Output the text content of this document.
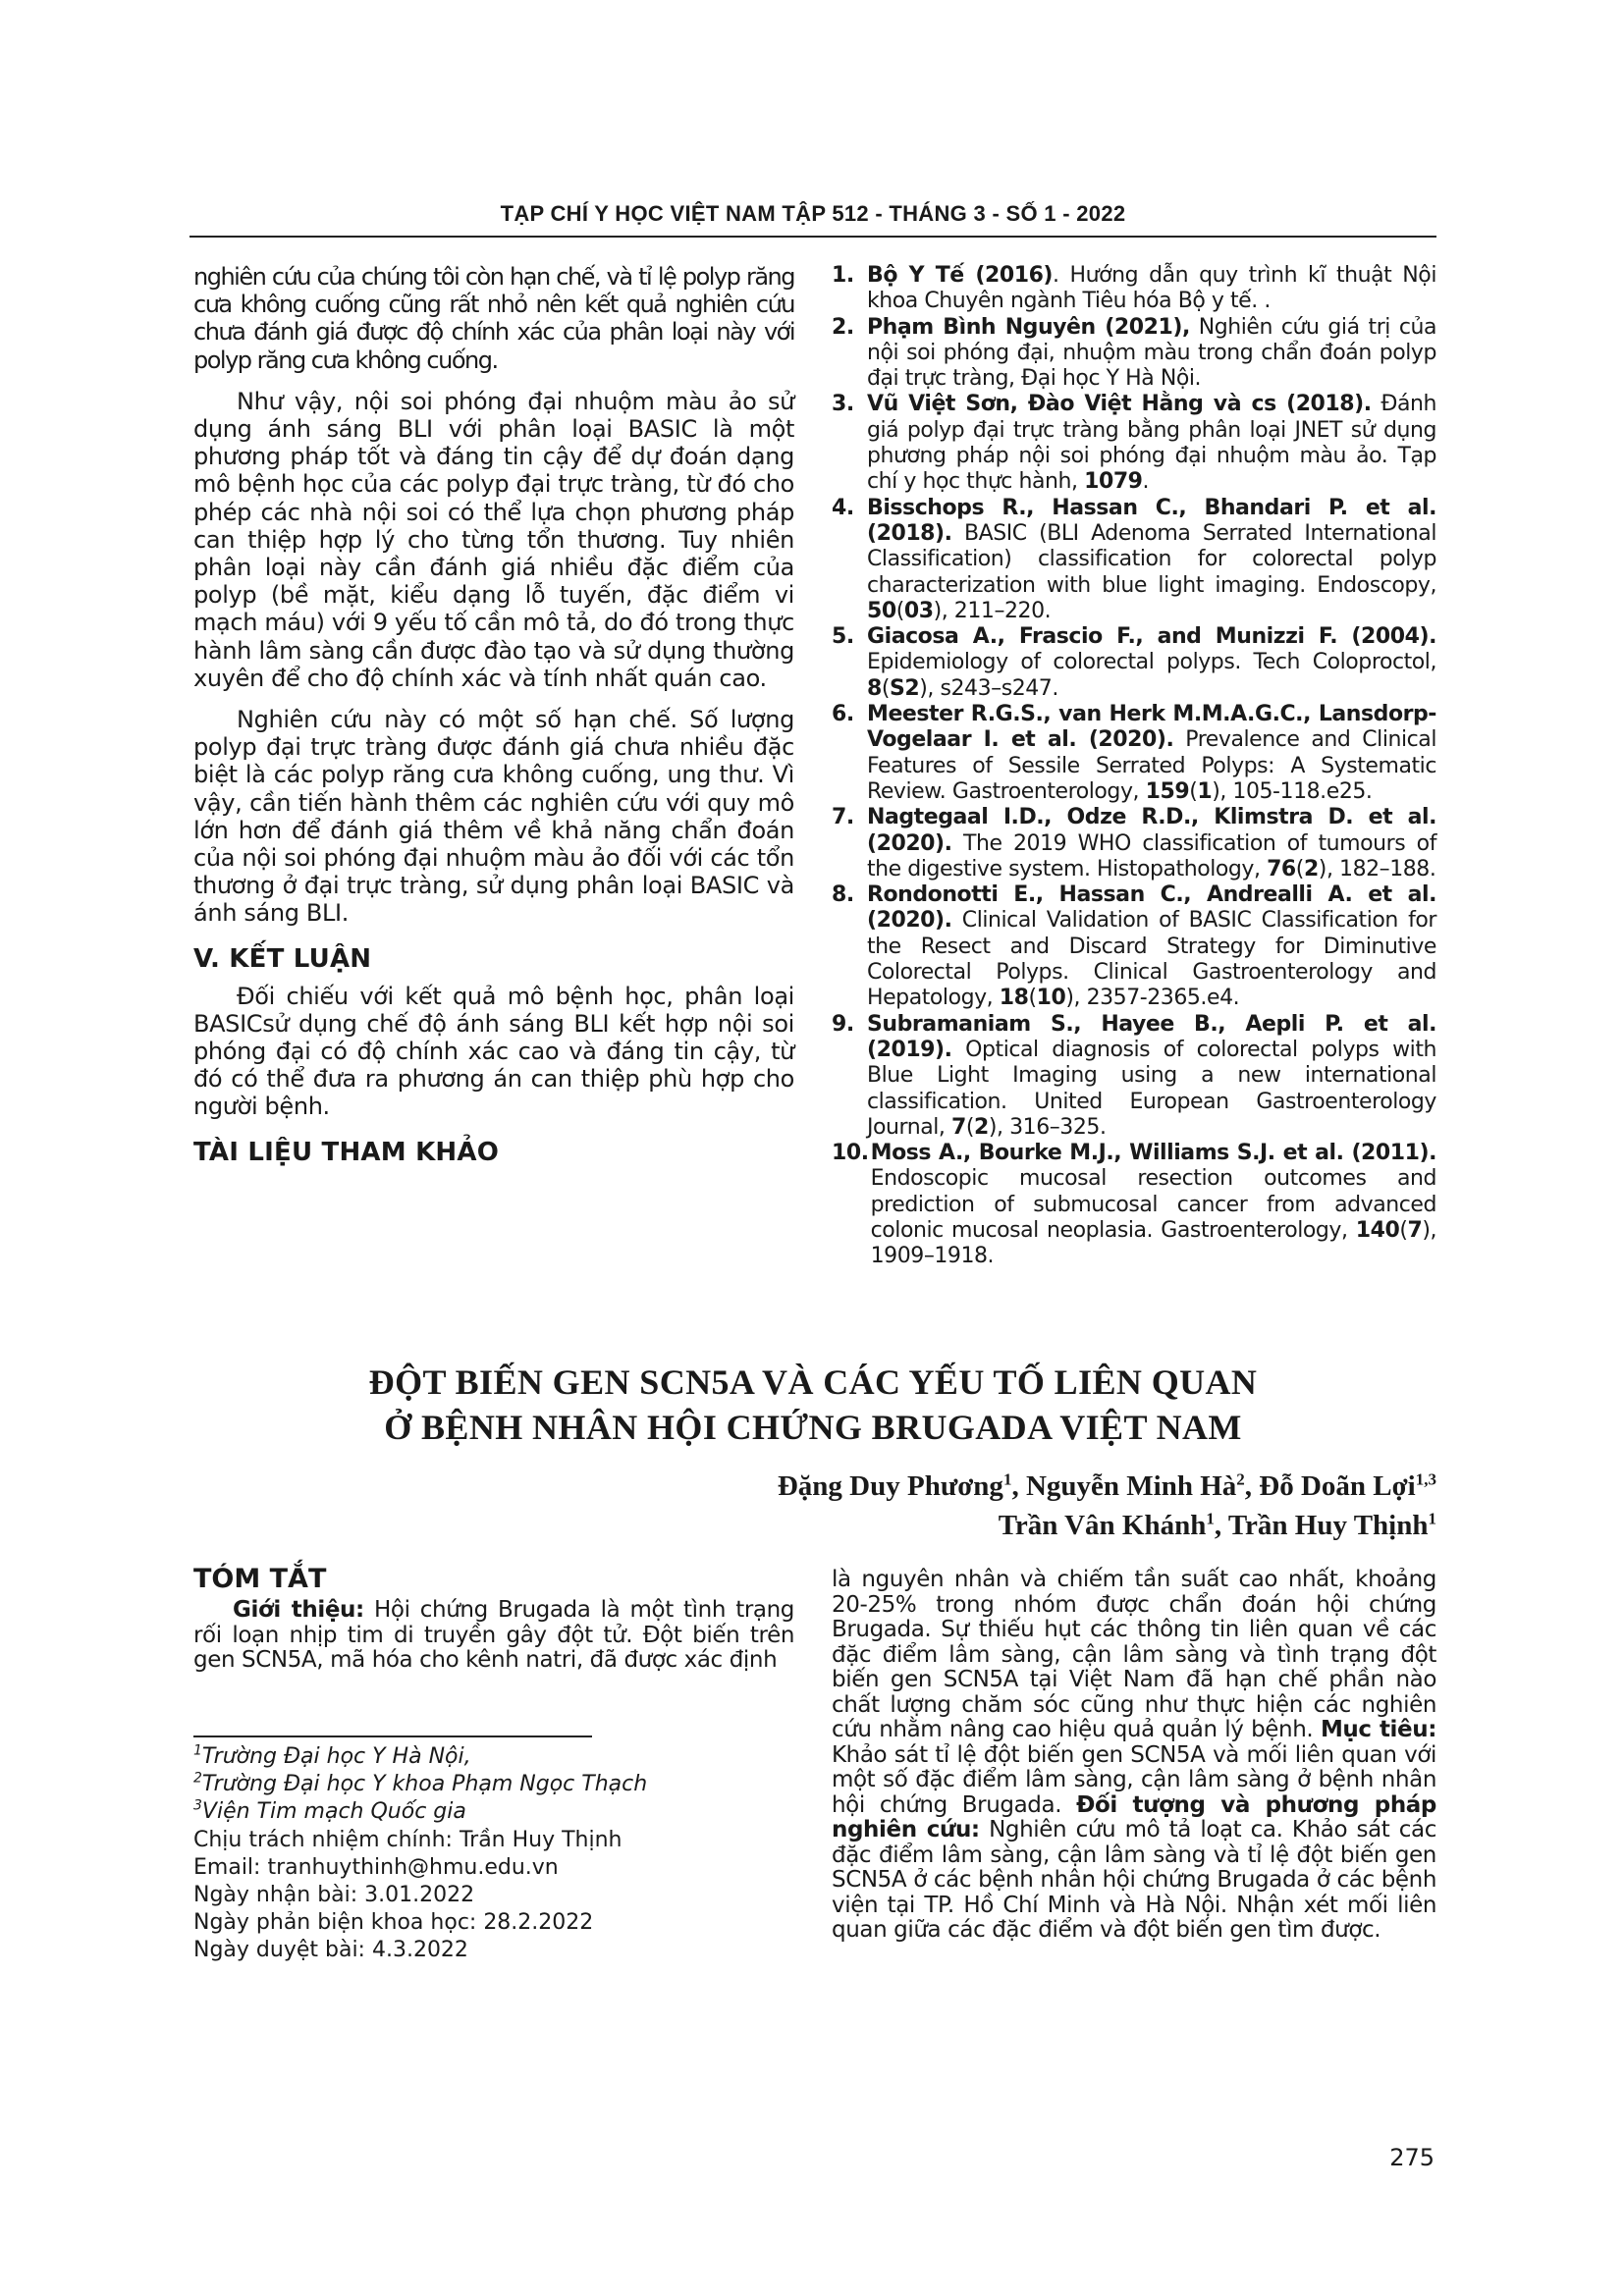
TẠP CHÍ Y HỌC VIỆT NAM TẬP 512 - THÁNG 3 - SỐ 1 - 2022

nghiên cứu của chúng tôi còn hạn chế, và tỉ lệ polyp răng cưa không cuống cũng rất nhỏ nên kết quả nghiên cứu chưa đánh giá được độ chính xác của phân loại này với polyp răng cưa không cuống.

Như vậy, nội soi phóng đại nhuộm màu ảo sử dụng ánh sáng BLI với phân loại BASIC là một phương pháp tốt và đáng tin cậy để dự đoán dạng mô bệnh học của các polyp đại trực tràng, từ đó cho phép các nhà nội soi có thể lựa chọn phương pháp can thiệp hợp lý cho từng tổn thương. Tuy nhiên phân loại này cần đánh giá nhiều đặc điểm của polyp (bề mặt, kiểu dạng lỗ tuyến, đặc điểm vi mạch máu) với 9 yếu tố cần mô tả, do đó trong thực hành lâm sàng cần được đào tạo và sử dụng thường xuyên để cho độ chính xác và tính nhất quán cao.

Nghiên cứu này có một số hạn chế. Số lượng polyp đại trực tràng được đánh giá chưa nhiều đặc biệt là các polyp răng cưa không cuống, ung thư. Vì vậy, cần tiến hành thêm các nghiên cứu với quy mô lớn hơn để đánh giá thêm về khả năng chẩn đoán của nội soi phóng đại nhuộm màu ảo đối với các tổn thương ở đại trực tràng, sử dụng phân loại BASIC và ánh sáng BLI.

V. KẾT LUẬN

Đối chiếu với kết quả mô bệnh học, phân loại BASICsử dụng chế độ ánh sáng BLI kết hợp nội soi phóng đại có độ chính xác cao và đáng tin cậy, từ đó có thể đưa ra phương án can thiệp phù hợp cho người bệnh.

TÀI LIỆU THAM KHẢO
1. Bộ Y Tế (2016). Hướng dẫn quy trình kĩ thuật Nội khoa Chuyên ngành Tiêu hóa Bộ y tế. .
2. Phạm Bình Nguyên (2021), Nghiên cứu giá trị của nội soi phóng đại, nhuộm màu trong chẩn đoán polyp đại trực tràng, Đại học Y Hà Nội.
3. Vũ Việt Sơn, Đào Việt Hằng và cs (2018). Đánh giá polyp đại trực tràng bằng phân loại JNET sử dụng phương pháp nội soi phóng đại nhuộm màu ảo. Tạp chí y học thực hành, 1079.
4. Bisschops R., Hassan C., Bhandari P. et al. (2018). BASIC (BLI Adenoma Serrated International Classification) classification for colorectal polyp characterization with blue light imaging. Endoscopy, 50(03), 211–220.
5. Giacosa A., Frascio F., and Munizzi F. (2004). Epidemiology of colorectal polyps. Tech Coloproctol, 8(S2), s243–s247.
6. Meester R.G.S., van Herk M.M.A.G.C., Lansdorp-Vogelaar I. et al. (2020). Prevalence and Clinical Features of Sessile Serrated Polyps: A Systematic Review. Gastroenterology, 159(1), 105-118.e25.
7. Nagtegaal I.D., Odze R.D., Klimstra D. et al. (2020). The 2019 WHO classification of tumours of the digestive system. Histopathology, 76(2), 182–188.
8. Rondonotti E., Hassan C., Andrealli A. et al. (2020). Clinical Validation of BASIC Classification for the Resect and Discard Strategy for Diminutive Colorectal Polyps. Clinical Gastroenterology and Hepatology, 18(10), 2357-2365.e4.
9. Subramaniam S., Hayee B., Aepli P. et al. (2019). Optical diagnosis of colorectal polyps with Blue Light Imaging using a new international classification. United European Gastroenterology Journal, 7(2), 316–325.
10. Moss A., Bourke M.J., Williams S.J. et al. (2011). Endoscopic mucosal resection outcomes and prediction of submucosal cancer from advanced colonic mucosal neoplasia. Gastroenterology, 140(7), 1909–1918.
ĐỘT BIẾN GEN SCN5A VÀ CÁC YẾU TỐ LIÊN QUAN
Ở BỆNH NHÂN HỘI CHỨNG BRUGADA VIỆT NAM
Đặng Duy Phương$^1$, Nguyễn Minh $Hà^2$, Đỗ Doãn Lợi$^{1,3}$
Trần Vân Khánh$^1$, Trần Huy Thịnh$^1$
TÓM TẮT

Giới thiệu: Hội chứng Brugada là một tình trạng rối loạn nhịp tim di truyền gây đột tử. Đột biến trên gen SCN5A, mã hóa cho kênh natri, đã được xác định

là nguyên nhân và chiếm tần suất cao nhất, khoảng 20-25% trong nhóm được chẩn đoán hội chứng Brugada. Sự thiếu hụt các thông tin liên quan về các đặc điểm lâm sàng, cận lâm sàng và tình trạng đột biến gen SCN5A tại Việt Nam đã hạn chế phần nào chất lượng chăm sóc cũng như thực hiện các nghiên cứu nhằm nâng cao hiệu quả quản lý bệnh. Mục tiêu: Khảo sát tỉ lệ đột biến gen SCN5A và mối liên quan với một số đặc điểm lâm sàng, cận lâm sàng ở bệnh nhân hội chứng Brugada. Đối tượng và phương pháp nghiên cứu: Nghiên cứu mô tả loạt ca. Khảo sát các đặc điểm lâm sàng, cận lâm sàng và tỉ lệ đột biến gen SCN5A ở các bệnh nhân hội chứng Brugada ở các bệnh viện tại TP. Hồ Chí Minh và Hà Nội. Nhận xét mối liên quan giữa các đặc điểm và đột biến gen tìm được.

$^1$Trường Đại học Y Hà Nội,

$^2$Trường Đại học Y khoa Phạm Ngọc Thạch

$^3$Viện Tim mạch Quốc gia

Chịu trách nhiệm chính: Trần Huy Thịnh

Email: tranhuythinh@hmu.edu.vn

Ngày nhận bài: 3.01.2022

Ngày phản biện khoa học: 28.2.2022

Ngày duyệt bài: 4.3.2022

275
